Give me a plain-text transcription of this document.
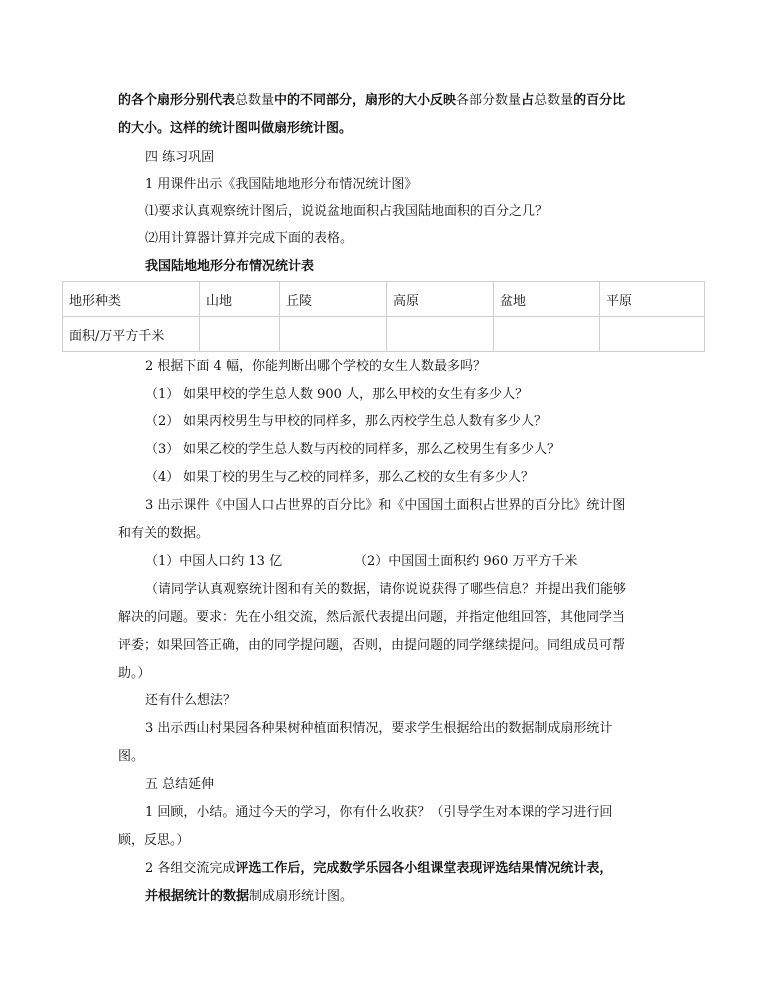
的各个扇形分别代表总数量中的不同部分，扇形的大小反映各部分数量占总数量的百分比
的大小。这样的统计图叫做扇形统计图。
四 练习巩固
1 用课件出示《我国陆地地形分布情况统计图》
⑴要求认真观察统计图后，说说盆地面积占我国陆地面积的百分之几？
⑵用计算器计算并完成下面的表格。
我国陆地地形分布情况统计表
地形种类	山地	丘陵	高原	盆地	平原
面积/万平方千米					
2 根据下面 4 幅，你能判断出哪个学校的女生人数最多吗？
（1） 如果甲校的学生总人数 900 人，那么甲校的女生有多少人？
（2） 如果丙校男生与甲校的同样多，那么丙校学生总人数有多少人？
（3） 如果乙校的学生总人数与丙校的同样多，那么乙校男生有多少人？
（4） 如果丁校的男生与乙校的同样多，那么乙校的女生有多少人？
3 出示课件《中国人口占世界的百分比》和《中国国土面积占世界的百分比》统计图
和有关的数据。
（1）中国人口约 13 亿	（2）中国国土面积约 960 万平方千米
（请同学认真观察统计图和有关的数据，请你说说获得了哪些信息？并提出我们能够
解决的问题。要求：先在小组交流，然后派代表提出问题，并指定他组回答，其他同学当
评委；如果回答正确，由的同学提问题，否则，由提问题的同学继续提问。同组成员可帮
助。）
还有什么想法？
3 出示西山村果园各种果树种植面积情况，要求学生根据给出的数据制成扇形统计
图。
五 总结延伸
1 回顾，小结。通过今天的学习，你有什么收获？（引导学生对本课的学习进行回
顾，反思。）
2 各组交流完成评选工作后，完成数学乐园各小组课堂表现评选结果情况统计表，
并根据统计的数据制成扇形统计图。
